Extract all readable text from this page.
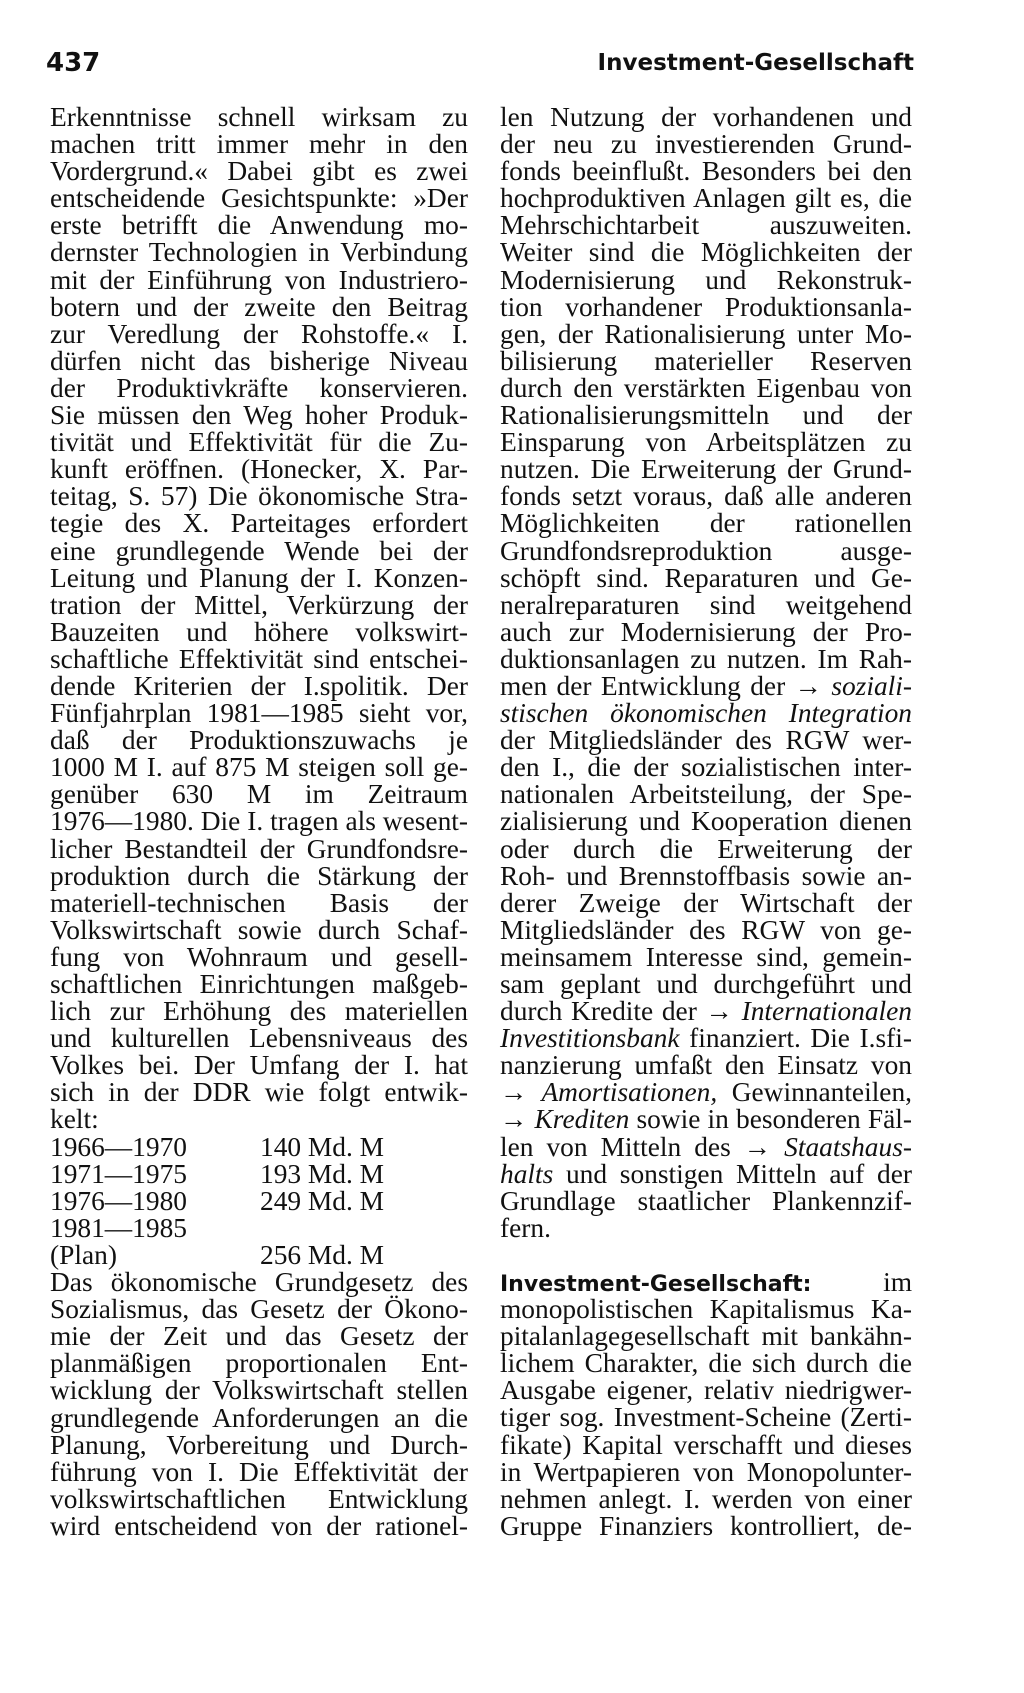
437	Investment-Gesellschaft
Erkenntnisse schnell wirksam zu
machen tritt immer mehr in den
Vordergrund.« Dabei gibt es zwei
entscheidende Gesichtspunkte: »Der
erste betrifft die Anwendung mo-
dernster Technologien in Verbindung
mit der Einführung von Industriero-
botern und der zweite den Beitrag
zur Veredlung der Rohstoffe.« I.
dürfen nicht das bisherige Niveau
der Produktivkräfte konservieren.
Sie müssen den Weg hoher Produk-
tivität und Effektivität für die Zu-
kunft eröffnen. (Honecker, X. Par-
teitag, S. 57) Die ökonomische Stra-
tegie des X. Parteitages erfordert
eine grundlegende Wende bei der
Leitung und Planung der I. Konzen-
tration der Mittel, Verkürzung der
Bauzeiten und höhere volkswirt-
schaftliche Effektivität sind entschei-
dende Kriterien der I.spolitik. Der
Fünfjahrplan 1981—1985 sieht vor,
daß der Produktionszuwachs je
1000 M I. auf 875 M steigen soll ge-
genüber 630 M im Zeitraum
1976—1980. Die I. tragen als wesent-
licher Bestandteil der Grundfondsre-
produktion durch die Stärkung der
materiell-technischen Basis der
Volkswirtschaft sowie durch Schaf-
fung von Wohnraum und gesell-
schaftlichen Einrichtungen maßgeb-
lich zur Erhöhung des materiellen
und kulturellen Lebensniveaus des
Volkes bei. Der Umfang der I. hat
sich in der DDR wie folgt entwik-
kelt:
1966—1970	140 Md. M
1971—1975	193 Md. M
1976—1980	249 Md. M
1981—1985
(Plan)	256 Md. M
Das ökonomische Grundgesetz des
Sozialismus, das Gesetz der Ökono-
mie der Zeit und das Gesetz der
planmäßigen proportionalen Ent-
wicklung der Volkswirtschaft stellen
grundlegende Anforderungen an die
Planung, Vorbereitung und Durch-
führung von I. Die Effektivität der
volkswirtschaftlichen Entwicklung
wird entscheidend von der rationel-
len Nutzung der vorhandenen und
der neu zu investierenden Grund-
fonds beeinflußt. Besonders bei den
hochproduktiven Anlagen gilt es, die
Mehrschichtarbeit auszuweiten.
Weiter sind die Möglichkeiten der
Modernisierung und Rekonstruk-
tion vorhandener Produktionsanla-
gen, der Rationalisierung unter Mo-
bilisierung materieller Reserven
durch den verstärkten Eigenbau von
Rationalisierungsmitteln und der
Einsparung von Arbeitsplätzen zu
nutzen. Die Erweiterung der Grund-
fonds setzt voraus, daß alle anderen
Möglichkeiten der rationellen
Grundfondsreproduktion ausge-
schöpft sind. Reparaturen und Ge-
neralreparaturen sind weitgehend
auch zur Modernisierung der Pro-
duktionsanlagen zu nutzen. Im Rah-
men der Entwicklung der → soziali-
stischen ökonomischen Integration
der Mitgliedsländer des RGW wer-
den I., die der sozialistischen inter-
nationalen Arbeitsteilung, der Spe-
zialisierung und Kooperation dienen
oder durch die Erweiterung der
Roh- und Brennstoffbasis sowie an-
derer Zweige der Wirtschaft der
Mitgliedsländer des RGW von ge-
meinsamem Interesse sind, gemein-
sam geplant und durchgeführt und
durch Kredite der → Internationalen
Investitionsbank finanziert. Die I.sfi-
nanzierung umfaßt den Einsatz von
→ Amortisationen, Gewinnanteilen,
→ Krediten sowie in besonderen Fäl-
len von Mitteln des → Staatshaus-
halts und sonstigen Mitteln auf der
Grundlage staatlicher Plankennzif-
fern.
Investment-Gesellschaft:	im
monopolistischen Kapitalismus Ka-
pitalanlagegesellschaft mit bankähn-
lichem Charakter, die sich durch die
Ausgabe eigener, relativ niedrigwer-
tiger sog. Investment-Scheine (Zerti-
fikate) Kapital verschafft und dieses
in Wertpapieren von Monopolunter-
nehmen anlegt. I. werden von einer
Gruppe Finanziers kontrolliert, de-
